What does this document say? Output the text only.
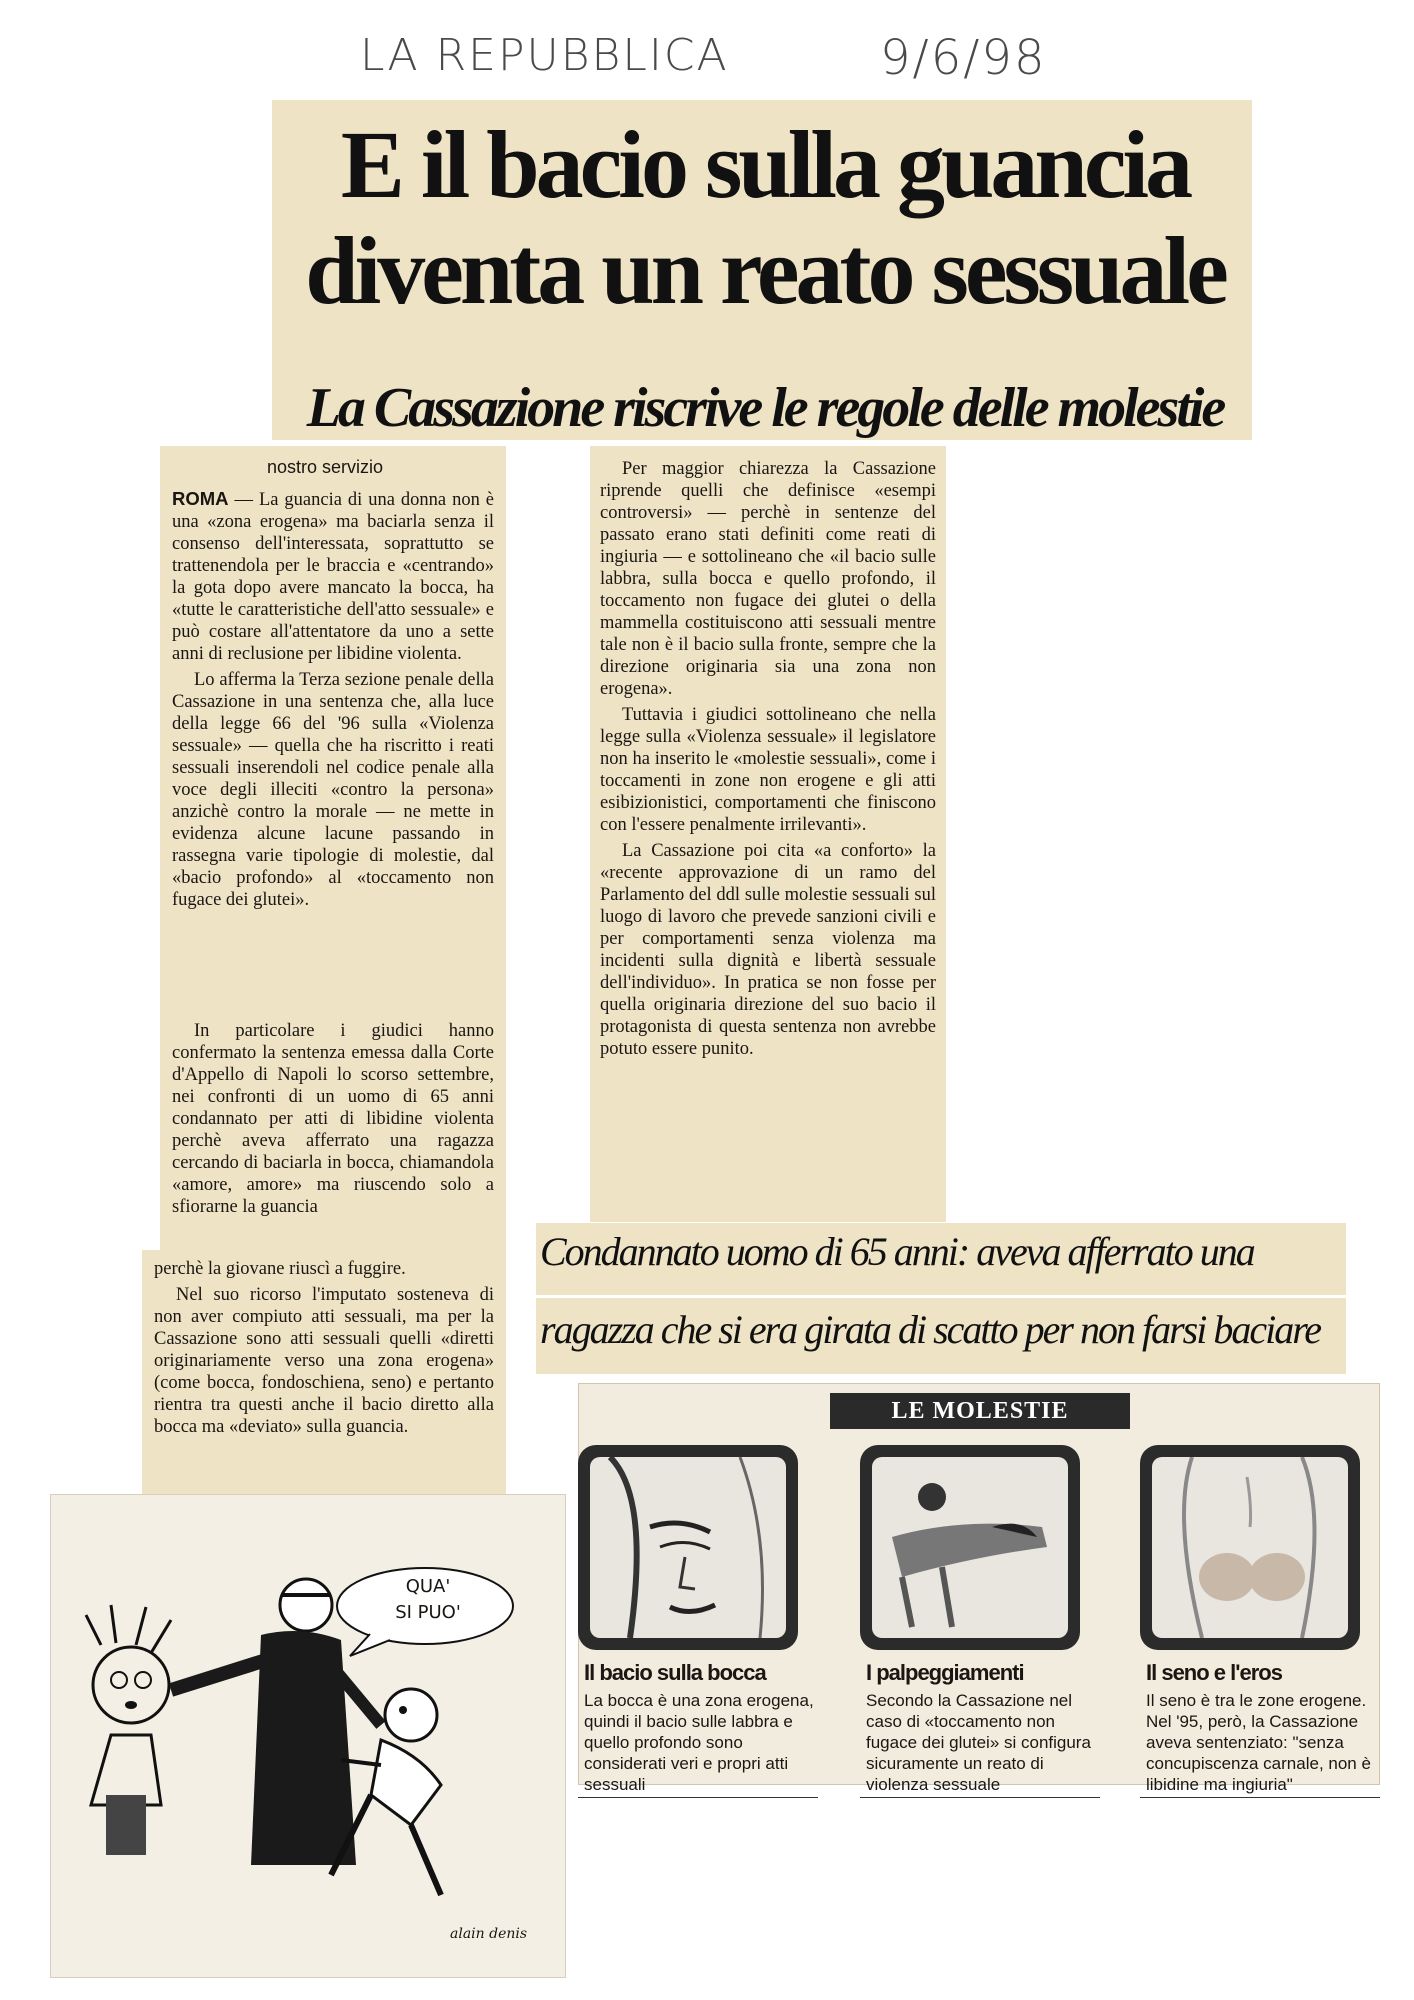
LA REPUBBLICA	9/6/98
E il bacio sulla guancia
diventa un reato sessuale
La Cassazione riscrive le regole delle molestie
nostro servizio

ROMA — La guancia di una donna non è una «zona erogena» ma baciarla senza il consenso dell'interessata, soprattutto se trattenendola per le braccia e «centrando» la gota dopo avere mancato la bocca, ha «tutte le caratteristiche dell'atto sessuale» e può costare all'attentatore da uno a sette anni di reclusione per libidine violenta.

Lo afferma la Terza sezione penale della Cassazione in una sentenza che, alla luce della legge 66 del '96 sulla «Violenza sessuale» — quella che ha riscritto i reati sessuali inserendoli nel codice penale alla voce degli illeciti «contro la persona» anzichè contro la morale — ne mette in evidenza alcune lacune passando in rassegna varie tipologie di molestie, dal «bacio profondo» al «toccamento non fugace dei glutei».

In particolare i giudici hanno confermato la sentenza emessa dalla Corte d'Appello di Napoli lo scorso settembre, nei confronti di un uomo di 65 anni condannato per atti di libidine violenta perchè aveva afferrato una ragazza cercando di baciarla in bocca, chiamandola «amore, amore» ma riuscendo solo a sfiorarne la guancia

perchè la giovane riuscì a fuggire.

Nel suo ricorso l'imputato sosteneva di non aver compiuto atti sessuali, ma per la Cassazione sono atti sessuali quelli «diretti originariamente verso una zona erogena» (come bocca, fondoschiena, seno) e pertanto rientra tra questi anche il bacio diretto alla bocca ma «deviato» sulla guancia.

Per maggior chiarezza la Cassazione riprende quelli che definisce «esempi controversi» — perchè in sentenze del passato erano stati definiti come reati di ingiuria — e sottolineano che «il bacio sulle labbra, sulla bocca e quello profondo, il toccamento non fugace dei glutei o della mammella costituiscono atti sessuali mentre tale non è il bacio sulla fronte, sempre che la direzione originaria sia una zona non erogena».

Tuttavia i giudici sottolineano che nella legge sulla «Violenza sessuale» il legislatore non ha inserito le «molestie sessuali», come i toccamenti in zone non erogene e gli atti esibizionistici, comportamenti che finiscono con l'essere penalmente irrilevanti».

La Cassazione poi cita «a conforto» la «recente approvazione di un ramo del Parlamento del ddl sulle molestie sessuali sul luogo di lavoro che prevede sanzioni civili e per comportamenti senza violenza ma incidenti sulla dignità e libertà sessuale dell'individuo». In pratica se non fosse per quella originaria direzione del suo bacio il protagonista di questa sentenza non avrebbe potuto essere punito.

Condannato uomo di 65 anni: aveva afferrato una
ragazza che si era girata di scatto per non farsi baciare
LE MOLESTIE
Il bacio sulla bocca
La bocca è una zona erogena, quindi il bacio sulle labbra e quello profondo sono considerati veri e propri atti sessuali
I palpeggiamenti
Secondo la Cassazione nel caso di «toccamento non fugace dei glutei» si configura sicuramente un reato di violenza sessuale
Il seno e l'eros
Il seno è tra le zone erogene. Nel '95, però, la Cassazione aveva sentenziato: "senza concupiscenza carnale, non è libidine ma ingiuria"
QUA'
SI PUO'
alain denis
